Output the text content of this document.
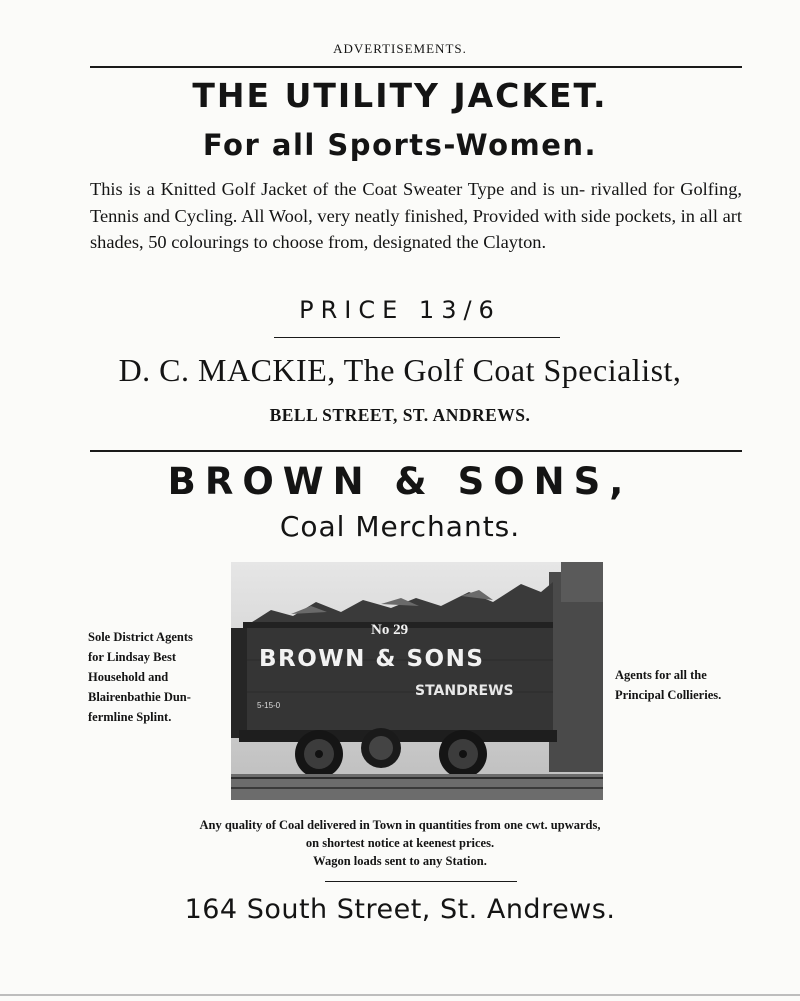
ADVERTISEMENTS.
THE UTILITY JACKET.
For all Sports-Women.

This is a Knitted Golf Jacket of the Coat Sweater Type and is un- rivalled for Golfing, Tennis and Cycling. All Wool, very neatly finished, Provided with side pockets, in all art shades, 50 colourings to choose from, designated the Clayton.

PRICE 13/6
D. C. MACKIE, The Golf Coat Specialist,
BELL STREET, ST. ANDREWS.
BROWN & SONS,
Coal Merchants.
Sole District Agents
for Lindsay Best
Household and
Blairenbathie Dun-
fermline Splint.
No 29
BROWN & SONS
STANDREWS
5-15-0
Agents for all the
Principal Collieries.
Any quality of Coal delivered in Town in quantities from one cwt. upwards,
on shortest notice at keenest prices.
Wagon loads sent to any Station.
164 South Street, St. Andrews.
